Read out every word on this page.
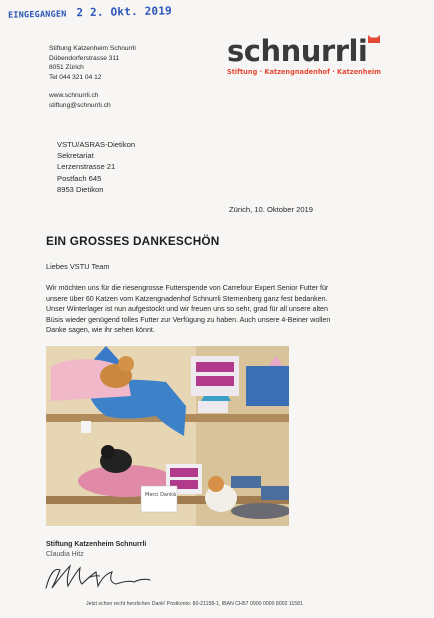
EINGEGANGEN 2 2. Okt. 2019
Stiftung Katzenheim Schnurrli
Dübendorferstrasse 311
8051 Zürich
Tel 044 321 04 12
www.schnurrli.ch
stiftung@schnurrli.ch
schnurrli
Stiftung · Katzengnadenhof · Katzenheim
VSTU/ASRAS-Dietikon
Sekretariat
Lerzenstrasse 21
Postfach 645
8953 Dietikon
Zürich, 10. Oktober 2019
EIN GROSSES DANKESCHÖN
Liebes VSTU Team
Wir möchten uns für die riesengrosse Futterspende von Carrefour Expert Senior Futter für
unsere über 60 Katzen vom Katzengnadenhof Schnurrli Sternenberg ganz fest bedanken.
Unser Winterlager ist nun aufgestockt und wir freuen uns so sehr, grad für all unsere alten
Büsis wieder genügend tolles Futter zur Verfügung zu haben. Auch unsere 4-Beiner wollen
Danke sagen, wie ihr sehen könnt.
Merci Dankä
Stiftung Katzenheim Schnurrli
Claudia Hitz
Jetzt schon recht herzlichen Dank! Postkonto: 80-21158-1, IBAN CH57 0900 0000 8002 11581
